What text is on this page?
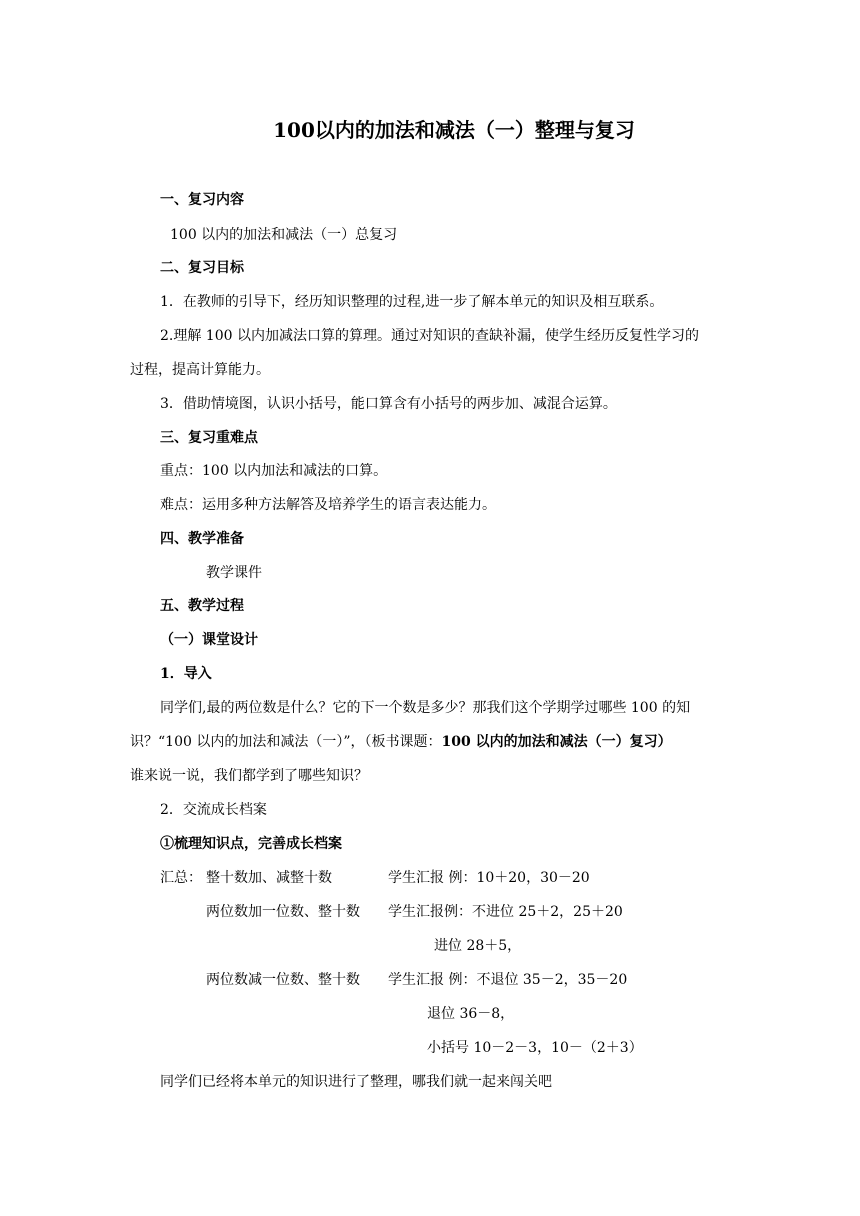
100以内的加法和减法（一）整理与复习
一、复习内容
100 以内的加法和减法（一）总复习
二、复习目标
1．在教师的引导下，经历知识整理的过程,进一步了解本单元的知识及相互联系。
2.理解 100 以内加减法口算的算理。通过对知识的查缺补漏，使学生经历反复性学习的
过程，提高计算能力。
3．借助情境图，认识小括号，能口算含有小括号的两步加、减混合运算。
三、复习重难点
重点：100 以内加法和减法的口算。
难点：运用多种方法解答及培养学生的语言表达能力。
四、教学准备
教学课件
五、教学过程
（一）课堂设计
1．导入
同学们,最的两位数是什么？它的下一个数是多少？那我们这个学期学过哪些 100 的知
识？“100 以内的加法和减法（一）”，（板书课题：100 以内的加法和减法（一）复习）
谁来说一说，我们都学到了哪些知识？
2．交流成长档案
①梳理知识点，完善成长档案
汇总： 整十数加、减整十数	学生汇报 例：10＋20，30－20
两位数加一位数、整十数 学生汇报例：不进位 25＋2，25＋20
进位 28＋5，
两位数减一位数、整十数 学生汇报 例：不退位 35－2，35－20
退位 36－8，
小括号 10－2－3，10－（2＋3）
同学们已经将本单元的知识进行了整理，哪我们就一起来闯关吧
